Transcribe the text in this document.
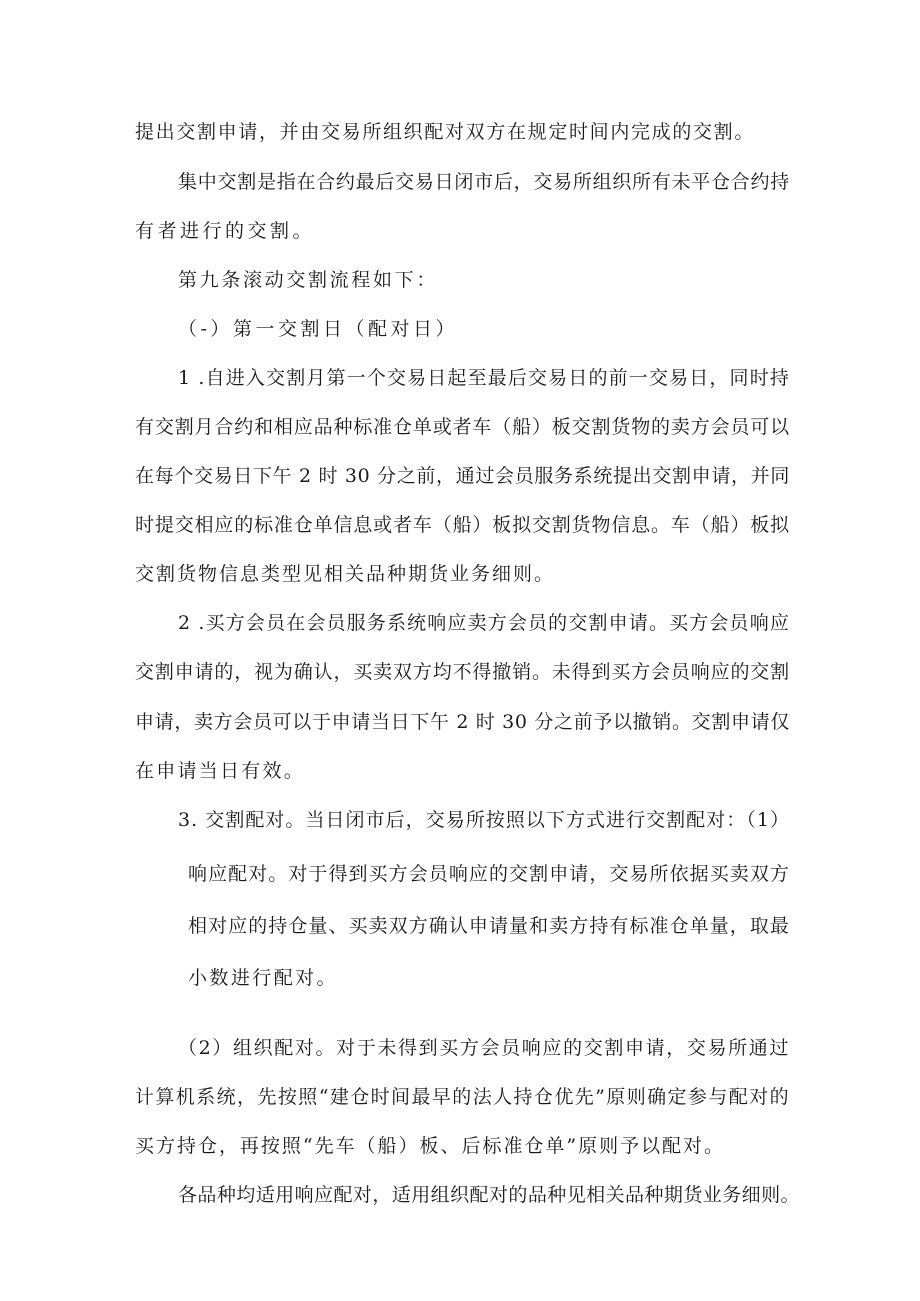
提出交割申请，并由交易所组织配对双方在规定时间内完成的交割。
集中交割是指在合约最后交易日闭市后，交易所组织所有未平仓合约持
有者进行的交割。
第九条滚动交割流程如下：
（-）第一交割日（配对日）
1 .自进入交割月第一个交易日起至最后交易日的前一交易日，同时持
有交割月合约和相应品种标准仓单或者车（船）板交割货物的卖方会员可以
在每个交易日下午 2 时 30 分之前，通过会员服务系统提出交割申请，并同
时提交相应的标准仓单信息或者车（船）板拟交割货物信息。车（船）板拟
交割货物信息类型见相关品种期货业务细则。
2 .买方会员在会员服务系统响应卖方会员的交割申请。买方会员响应
交割申请的，视为确认，买卖双方均不得撤销。未得到买方会员响应的交割
申请，卖方会员可以于申请当日下午 2 时 30 分之前予以撤销。交割申请仅
在申请当日有效。
3. 交割配对。当日闭市后，交易所按照以下方式进行交割配对：（1）
响应配对。对于得到买方会员响应的交割申请，交易所依据买卖双方
相对应的持仓量、买卖双方确认申请量和卖方持有标准仓单量，取最
小数进行配对。
（2）组织配对。对于未得到买方会员响应的交割申请，交易所通过
计算机系统，先按照“建仓时间最早的法人持仓优先”原则确定参与配对的
买方持仓，再按照“先车（船）板、后标准仓单”原则予以配对。
各品种均适用响应配对，适用组织配对的品种见相关品种期货业务细则。
